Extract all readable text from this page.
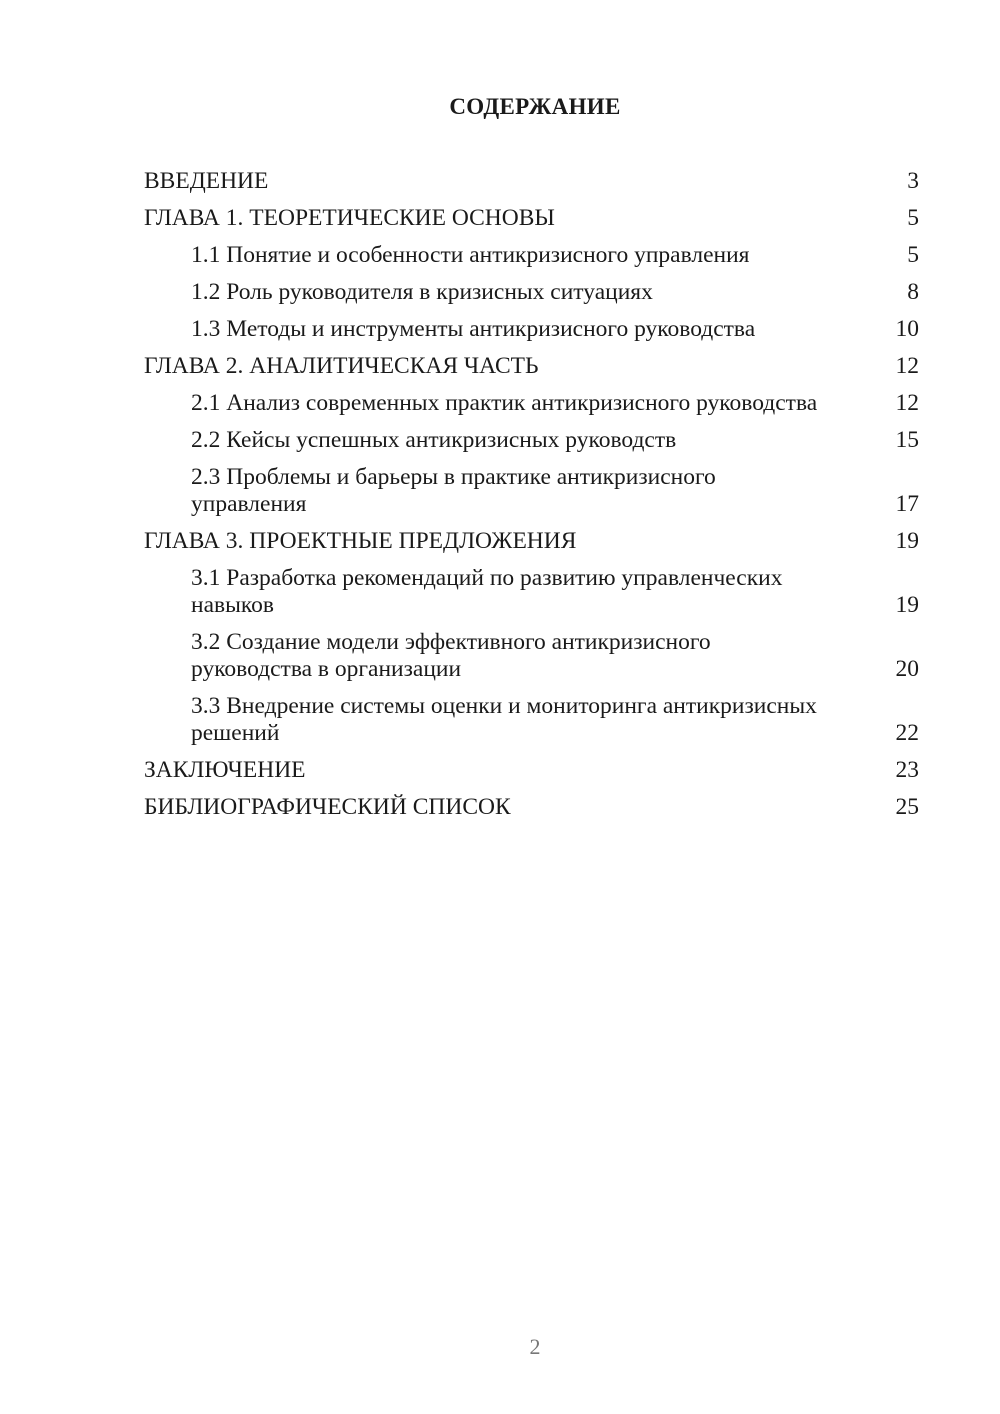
СОДЕРЖАНИЕ
ВВЕДЕНИЕ	3
ГЛАВА 1. ТЕОРЕТИЧЕСКИЕ ОСНОВЫ	5
1.1 Понятие и особенности антикризисного управления	5
1.2 Роль руководителя в кризисных ситуациях	8
1.3 Методы и инструменты антикризисного руководства	10
ГЛАВА 2. АНАЛИТИЧЕСКАЯ ЧАСТЬ	12
2.1 Анализ современных практик антикризисного руководства	12
2.2 Кейсы успешных антикризисных руководств	15
2.3 Проблемы и барьеры в практике антикризисного управления	17
ГЛАВА 3. ПРОЕКТНЫЕ ПРЕДЛОЖЕНИЯ	19
3.1 Разработка рекомендаций по развитию управленческих навыков	19
3.2 Создание модели эффективного антикризисного руководства в организации	20
3.3 Внедрение системы оценки и мониторинга антикризисных решений	22
ЗАКЛЮЧЕНИЕ	23
БИБЛИОГРАФИЧЕСКИЙ СПИСОК	25
2
